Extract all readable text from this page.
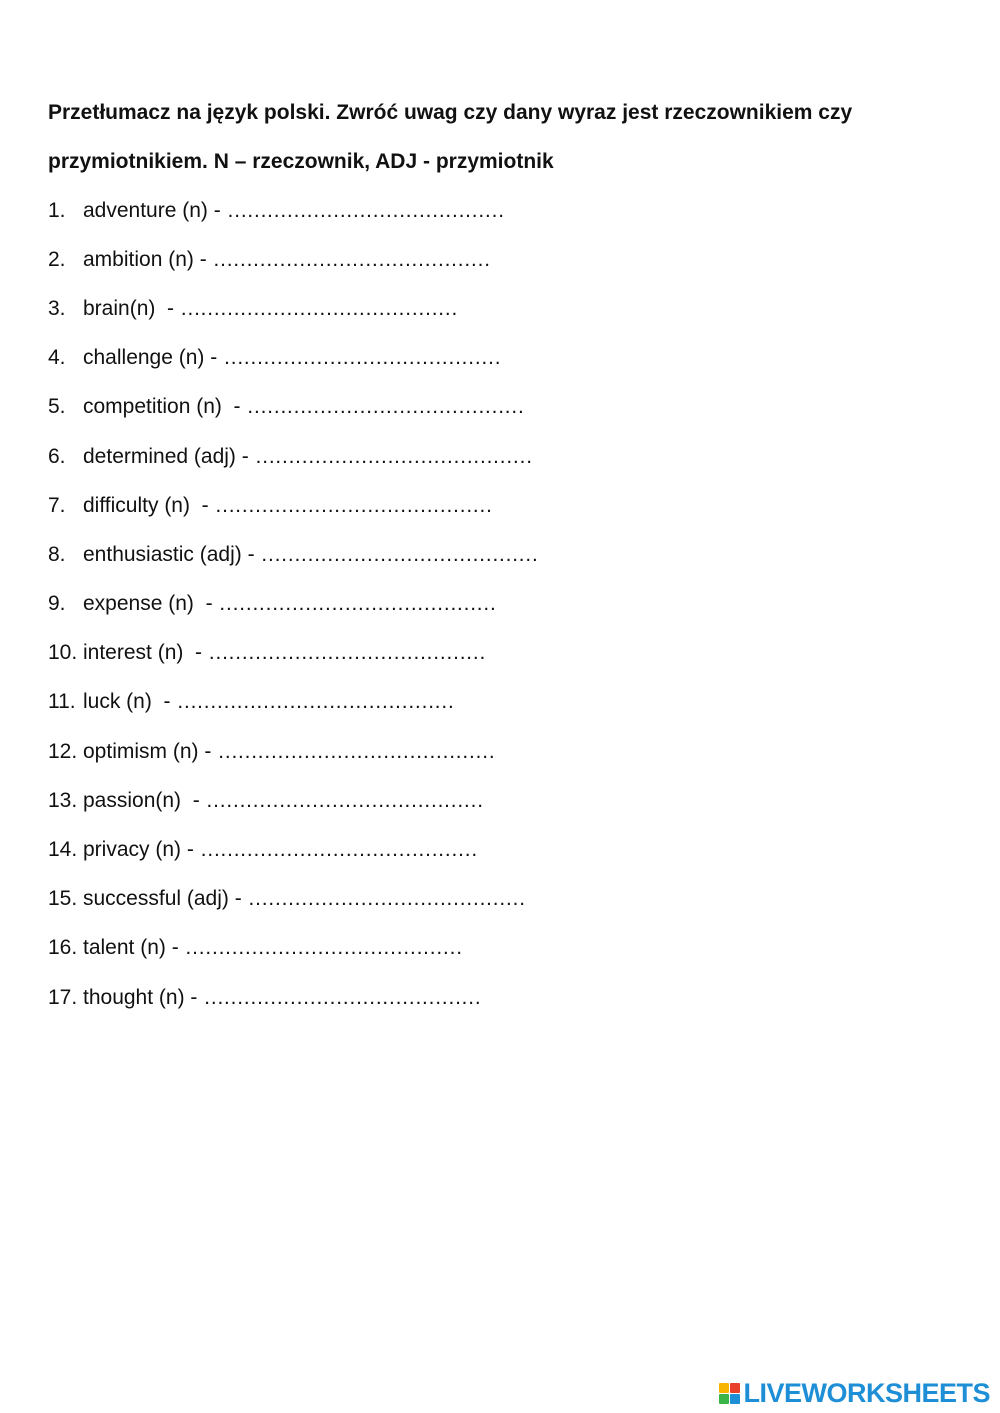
Przetłumacz na język polski. Zwróć uwag czy dany wyraz jest rzeczownikiem czy
przymiotnikiem. N – rzeczownik, ADJ - przymiotnik
1. adventure (n) - ……………………………………
2. ambition (n) - ……………………………………
3. brain(n)  - ……………………………………
4. challenge (n) - ……………………………………
5. competition (n)  - ……………………………………
6. determined (adj) - ……………………………………
7. difficulty (n)  - ……………………………………
8. enthusiastic (adj) - ……………………………………
9. expense (n)  - ……………………………………
10. interest (n)  - ……………………………………
11. luck (n)  - ……………………………………
12. optimism (n) - ……………………………………
13. passion(n)  - ……………………………………
14. privacy (n) - ……………………………………
15. successful (adj) - ……………………………………
16. talent (n) - ……………………………………
17. thought (n) - ……………………………………
LIVEWORKSHEETS
